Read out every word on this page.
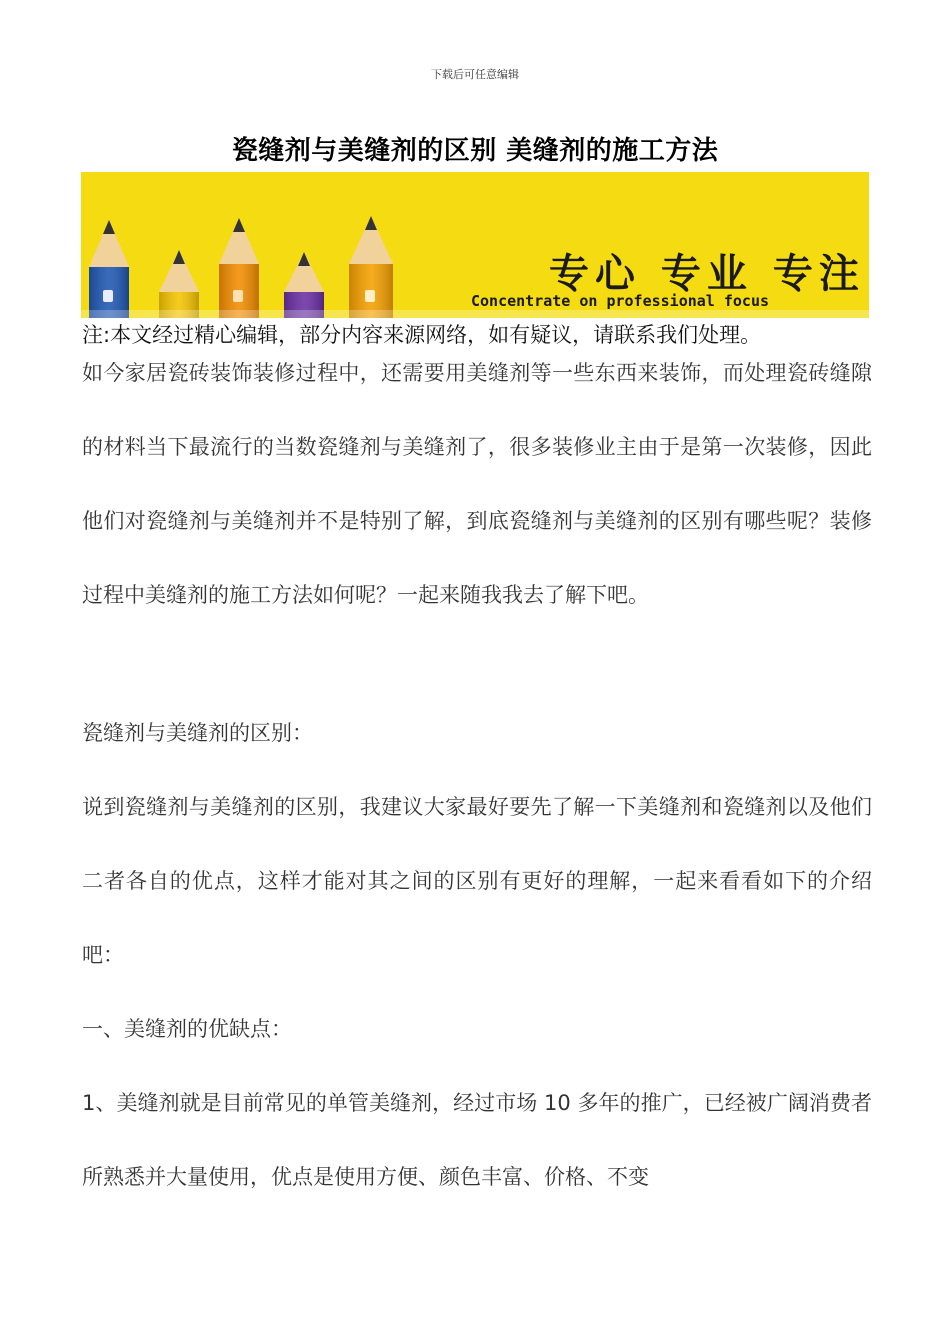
下载后可任意编辑
瓷缝剂与美缝剂的区别 美缝剂的施工方法
专心 专业 专注
Concentrate on professional focus
注:本文经过精心编辑，部分内容来源网络，如有疑议，请联系我们处理。
如今家居瓷砖装饰装修过程中，还需要用美缝剂等一些东西来装饰，而处理瓷砖缝隙的材料当下最流行的当数瓷缝剂与美缝剂了，很多装修业主由于是第一次装修，因此他们对瓷缝剂与美缝剂并不是特别了解，到底瓷缝剂与美缝剂的区别有哪些呢？装修过程中美缝剂的施工方法如何呢？一起来随我我去了解下吧。
瓷缝剂与美缝剂的区别：
说到瓷缝剂与美缝剂的区别，我建议大家最好要先了解一下美缝剂和瓷缝剂以及他们二者各自的优点，这样才能对其之间的区别有更好的理解，一起来看看如下的介绍吧：
一、美缝剂的优缺点：
1、美缝剂就是目前常见的单管美缝剂，经过市场 10 多年的推广，已经被广阔消费者所熟悉并大量使用，优点是使用方便、颜色丰富、价格、不变
